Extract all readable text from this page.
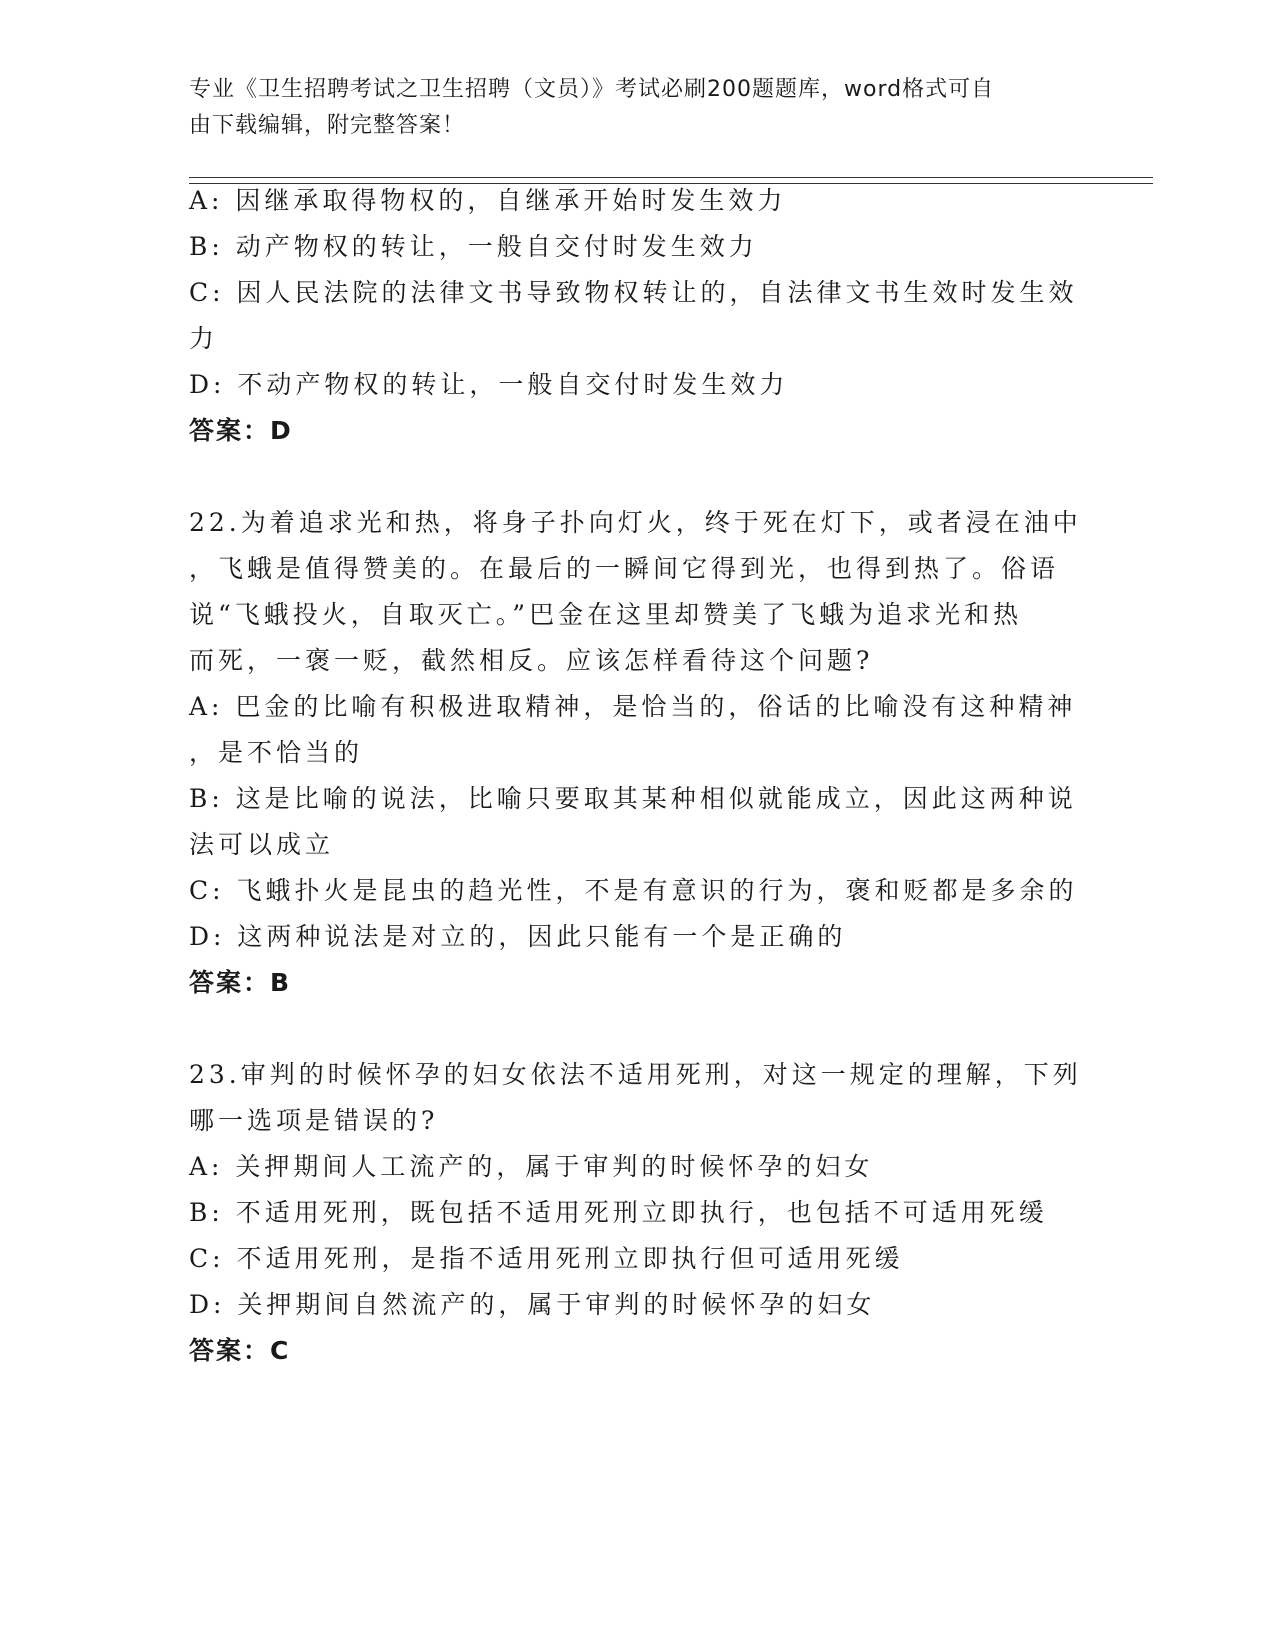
专业《卫生招聘考试之卫生招聘（文员）》考试必刷200题题库，word格式可自
由下载编辑，附完整答案！
A: 因继承取得物权的，自继承开始时发生效力
B: 动产物权的转让，一般自交付时发生效力
C: 因人民法院的法律文书导致物权转让的，自法律文书生效时发生效
力
D: 不动产物权的转让，一般自交付时发生效力
答案：D
22.为着追求光和热，将身子扑向灯火，终于死在灯下，或者浸在油中
，飞蛾是值得赞美的。在最后的一瞬间它得到光，也得到热了。俗语
说“飞蛾投火，自取灭亡。”巴金在这里却赞美了飞蛾为追求光和热
而死，一褒一贬，截然相反。应该怎样看待这个问题?
A: 巴金的比喻有积极进取精神，是恰当的，俗话的比喻没有这种精神
，是不恰当的
B: 这是比喻的说法，比喻只要取其某种相似就能成立，因此这两种说
法可以成立
C: 飞蛾扑火是昆虫的趋光性，不是有意识的行为，褒和贬都是多余的
D: 这两种说法是对立的，因此只能有一个是正确的
答案：B
23.审判的时候怀孕的妇女依法不适用死刑，对这一规定的理解，下列
哪一选项是错误的?
A: 关押期间人工流产的，属于审判的时候怀孕的妇女
B: 不适用死刑，既包括不适用死刑立即执行，也包括不可适用死缓
C: 不适用死刑，是指不适用死刑立即执行但可适用死缓
D: 关押期间自然流产的，属于审判的时候怀孕的妇女
答案：C
